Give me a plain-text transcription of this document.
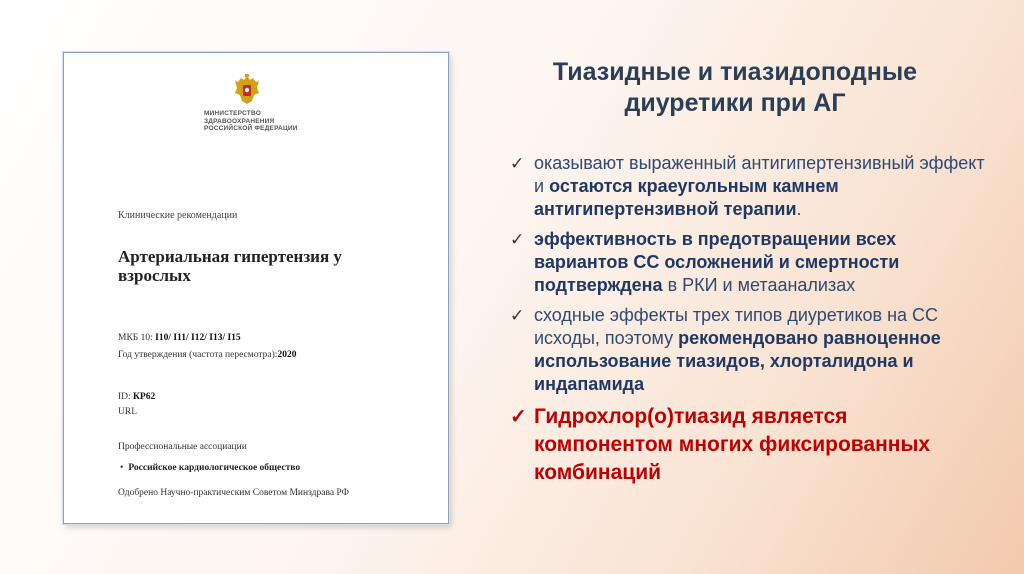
МИНИСТЕРСТВО
ЗДРАВООХРАНЕНИЯ
РОССИЙСКОЙ ФЕДЕРАЦИИ
Клинические рекомендации
Артериальная гипертензия у взрослых
МКБ 10: I10/ I11/ I12/ I13/ I15
Год утверждения (частота пересмотра):2020
ID: КР62
URL
Профессиональные ассоциации
• Российское кардиологическое общество
Одобрено Научно-практическим Советом Минздрава РФ
Тиазидные и тиазидоподные диуретики при АГ
✓ оказывают выраженный антигипертензивный эффект и остаются краеугольным камнем антигипертензивной терапии.
✓ эффективность в предотвращении всех вариантов СС осложнений и смертности подтверждена в РКИ и метаанализах
✓ сходные эффекты трех типов диуретиков на СС исходы, поэтому рекомендовано равноценное использование тиазидов, хлорталидона и индапамида
✓ Гидрохлор(о)тиазид является компонентом многих фиксированных комбинаций
